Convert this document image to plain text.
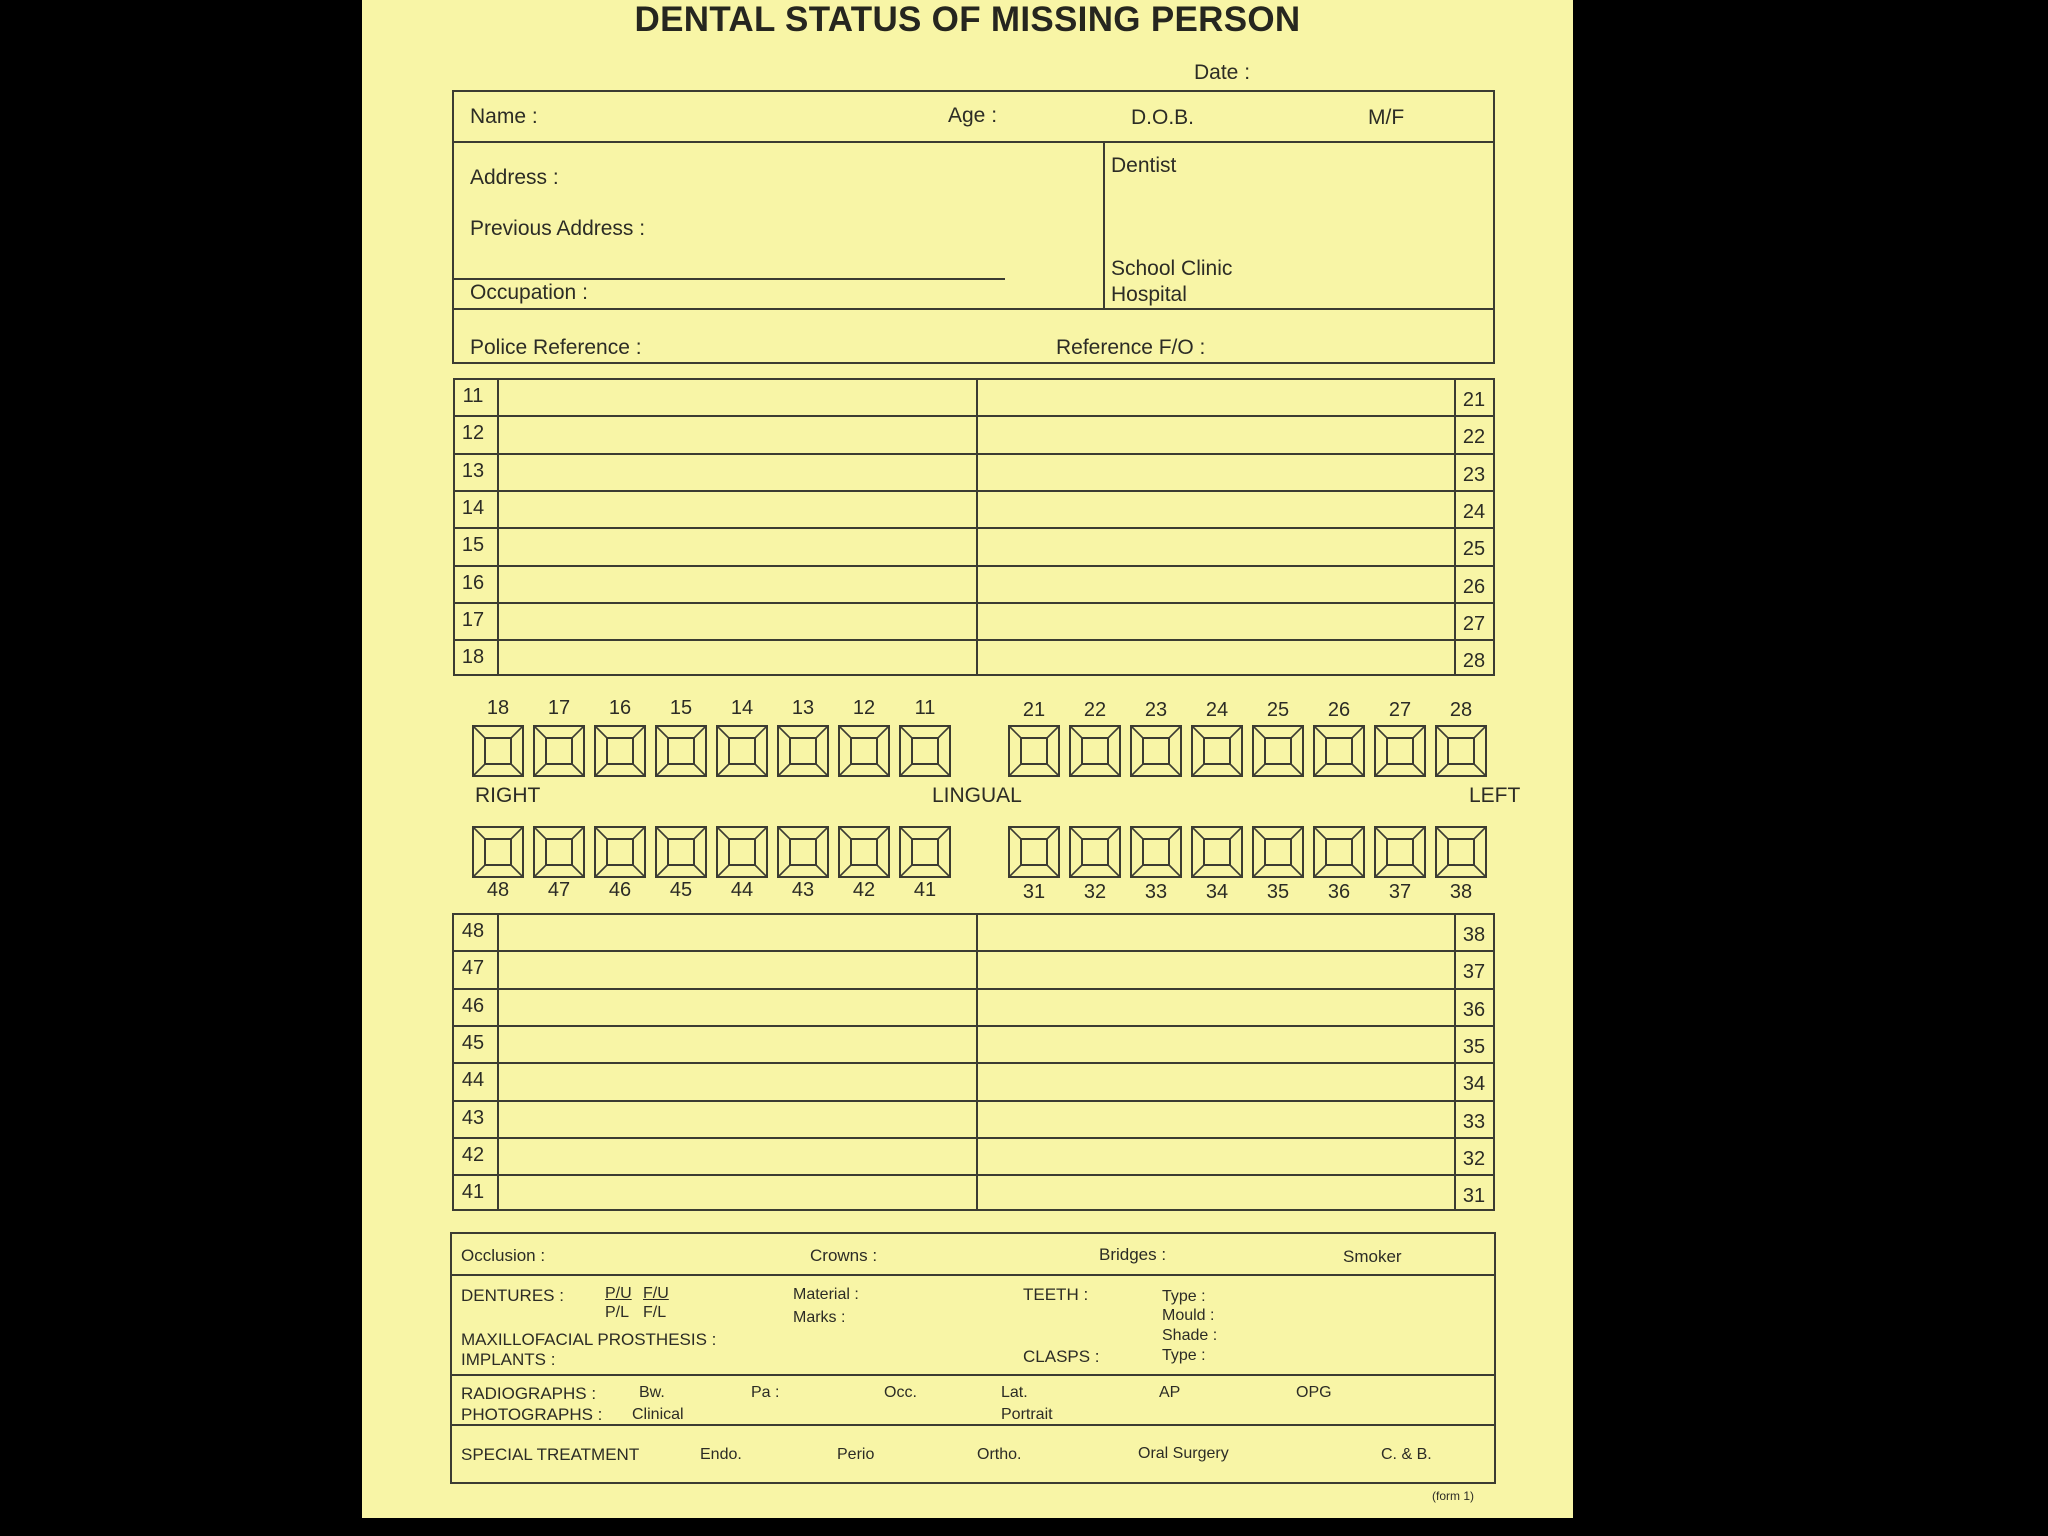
DENTAL STATUS OF MISSING PERSON
Date :
Name :	Age :	D.O.B.	M/F
Address :
Previous Address :
Dentist
School Clinic
Hospital
Occupation :
Police Reference :	Reference F/O :
11	21
12	22
13	23
14	24
15	25
16	26
17	27
18	28
18	17	16	15	14	13	12	11	21	22	23	24	25	26	27	28
48	47	46	45	44	43	42	41	31	32	33	34	35	36	37	38
RIGHT	LINGUAL	LEFT
48	38
47	37
46	36
45	35
44	34
43	33
42	32
41	31
Occlusion :	Crowns :	Bridges :	Smoker
DENTURES :	P/U F/U
P/L F/L
Material :
Marks :
TEETH :	Type :
Mould :
Shade :
Type :
MAXILLOFACIAL PROSTHESIS :
IMPLANTS :	CLASPS :
RADIOGRAPHS :	Bw.	Pa :	Occ.	Lat.	AP	OPG
PHOTOGRAPHS : Clinical	Portrait
SPECIAL TREATMENT	Endo.	Perio	Ortho.	Oral Surgery	C. & B.
(form 1)
